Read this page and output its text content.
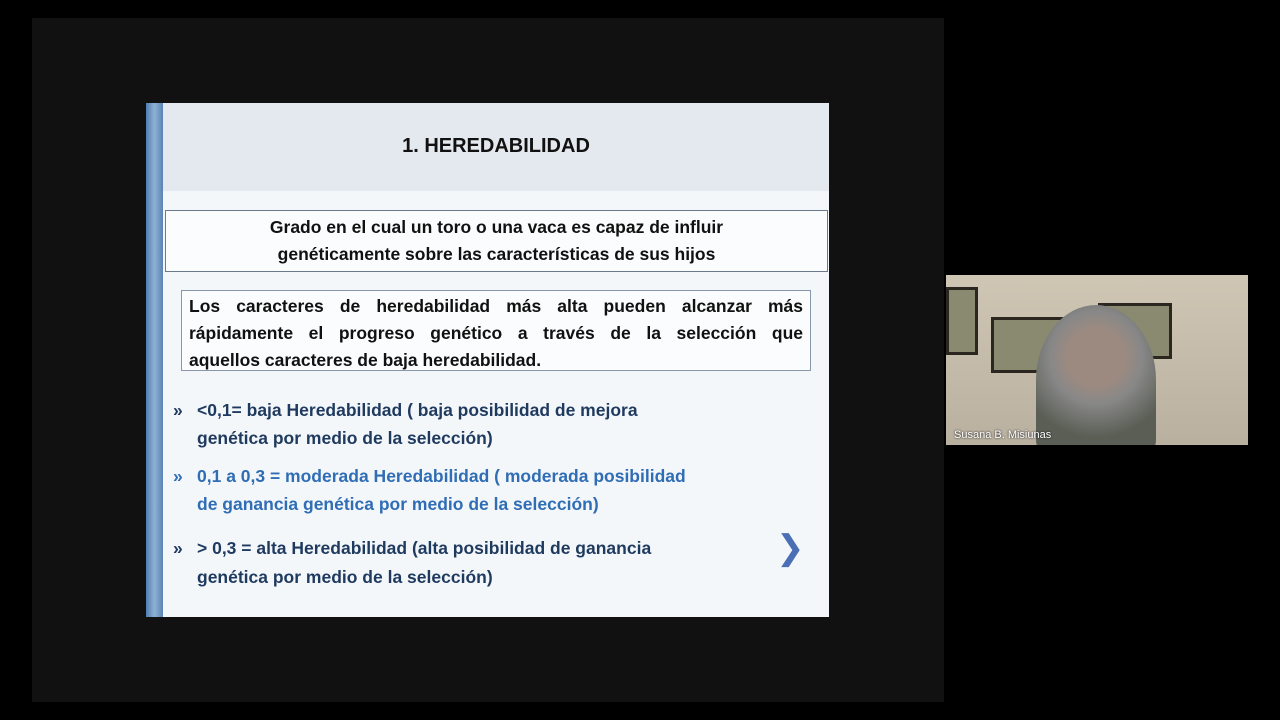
1. HEREDABILIDAD
Grado en el cual un toro o una vaca es capaz de influir
genéticamente sobre las características de sus hijos
Los caracteres de heredabilidad más alta pueden alcanzar más
rápidamente el progreso genético a través de la selección que
aquellos caracteres de baja heredabilidad.
» <0,1= baja Heredabilidad ( baja posibilidad de mejora
genética por medio de la selección)
» 0,1 a 0,3 = moderada Heredabilidad ( moderada posibilidad
de ganancia genética por medio de la selección)
» > 0,3 = alta Heredabilidad (alta posibilidad de ganancia
genética por medio de la selección)
❯
Susana B. Misiunas
